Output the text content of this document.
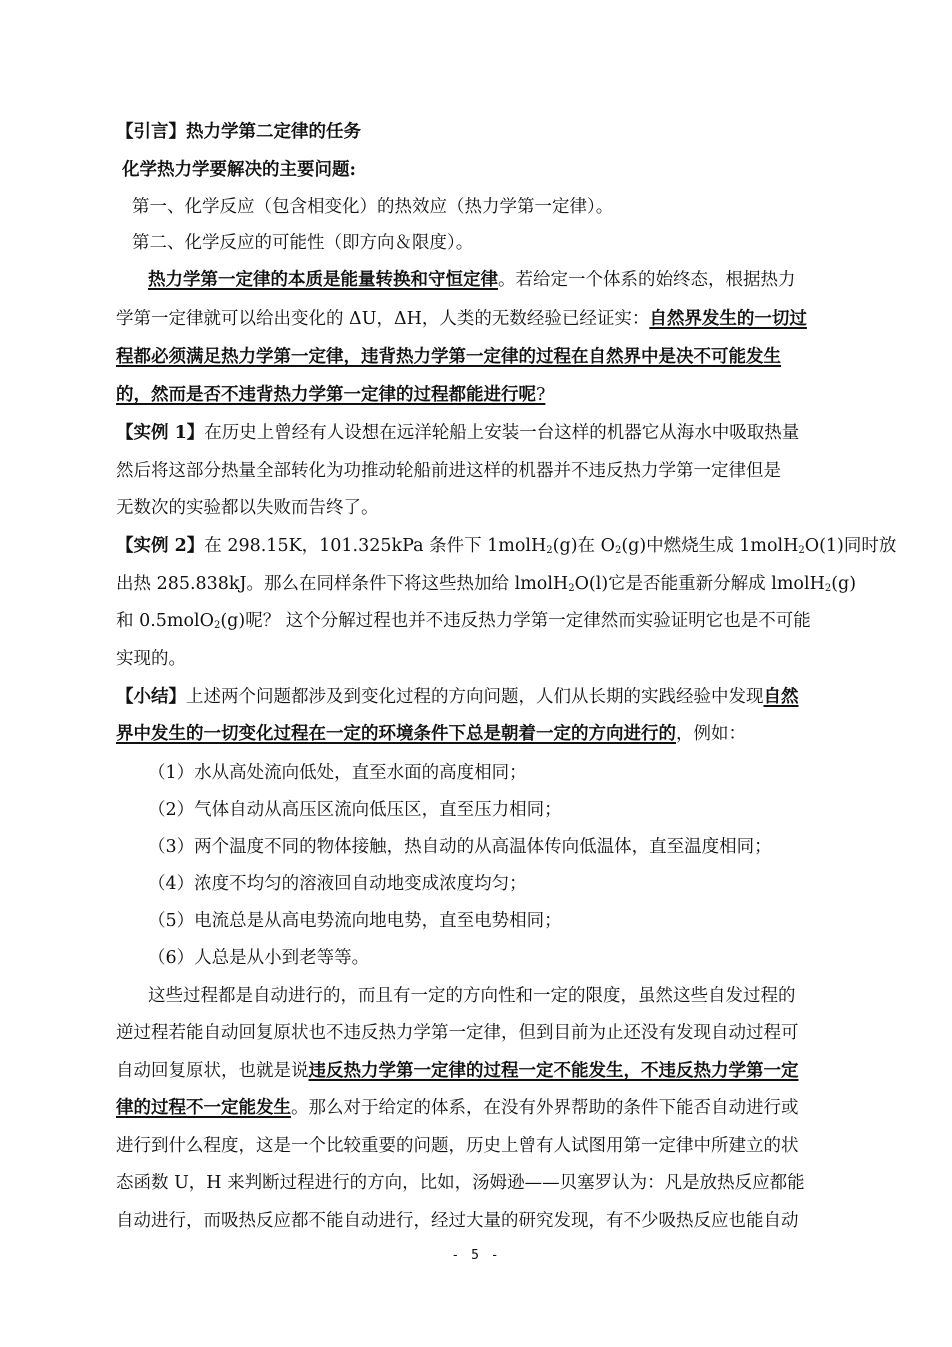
【引言】热力学第二定律的任务
化学热力学要解决的主要问题:
第一、化学反应（包含相变化）的热效应（热力学第一定律）。
第二、化学反应的可能性（即方向＆限度）。
热力学第一定律的本质是能量转换和守恒定律。若给定一个体系的始终态，根据热力
学第一定律就可以给出变化的 ΔU，ΔH，人类的无数经验已经证实：自然界发生的一切过
程都必须满足热力学第一定律，违背热力学第一定律的过程在自然界中是决不可能发生
的，然而是否不违背热力学第一定律的过程都能进行呢?
【实例 1】在历史上曾经有人设想在远洋轮船上安装一台这样的机器它从海水中吸取热量
然后将这部分热量全部转化为功推动轮船前进这样的机器并不违反热力学第一定律但是
无数次的实验都以失败而告终了。
【实例 2】在 298.15K，101.325kPa 条件下 1molH$_2$(g)在 $O_2(g)$中燃烧生成 1molH$_2$O(1)同时放
出热 285.838kJ。那么在同样条件下将这些热加给 lmolH$_2$O(l)它是否能重新分解成 lmolH$_2$(g)
和 0.5molO$_2$(g)呢？ 这个分解过程也并不违反热力学第一定律然而实验证明它也是不可能
实现的。
【小结】上述两个问题都涉及到变化过程的方向问题，人们从长期的实践经验中发现自然
界中发生的一切变化过程在一定的环境条件下总是朝着一定的方向进行的，例如：
（1）水从高处流向低处，直至水面的高度相同；
（2）气体自动从高压区流向低压区，直至压力相同；
（3）两个温度不同的物体接触，热自动的从高温体传向低温体，直至温度相同；
（4）浓度不均匀的溶液回自动地变成浓度均匀；
（5）电流总是从高电势流向地电势，直至电势相同；
（6）人总是从小到老等等。
这些过程都是自动进行的，而且有一定的方向性和一定的限度，虽然这些自发过程的
逆过程若能自动回复原状也不违反热力学第一定律，但到目前为止还没有发现自动过程可
自动回复原状，也就是说违反热力学第一定律的过程一定不能发生，不违反热力学第一定
律的过程不一定能发生。那么对于给定的体系，在没有外界帮助的条件下能否自动进行或
进行到什么程度，这是一个比较重要的问题，历史上曾有人试图用第一定律中所建立的状
态函数 U，H 来判断过程进行的方向，比如，汤姆逊——贝塞罗认为：凡是放热反应都能
自动进行，而吸热反应都不能自动进行，经过大量的研究发现，有不少吸热反应也能自动
- 5 -
